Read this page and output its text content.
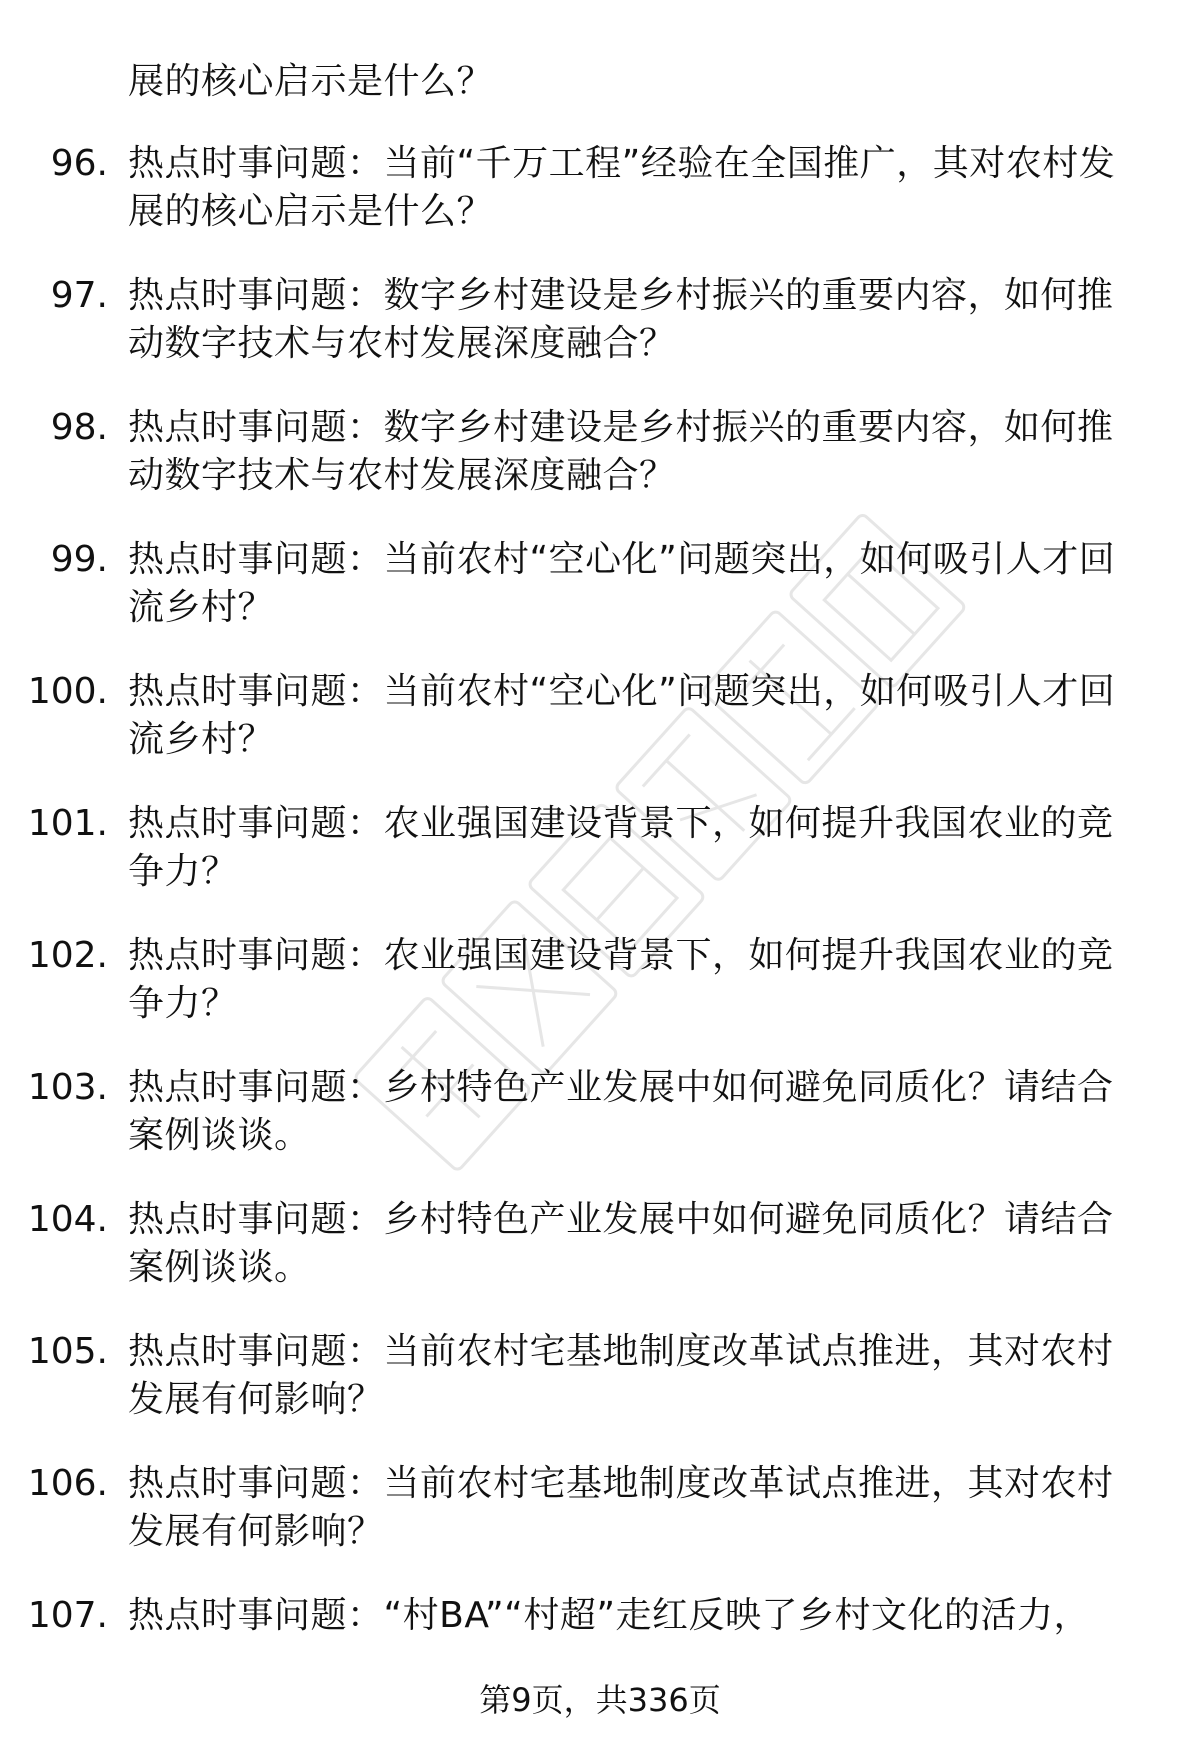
展的核心启示是什么？
96. 热点时事问题：当前“千万工程”经验在全国推广，其对农村发展的核心启示是什么？
97. 热点时事问题：数字乡村建设是乡村振兴的重要内容，如何推动数字技术与农村发展深度融合？
98. 热点时事问题：数字乡村建设是乡村振兴的重要内容，如何推动数字技术与农村发展深度融合？
99. 热点时事问题：当前农村“空心化”问题突出，如何吸引人才回流乡村？
100. 热点时事问题：当前农村“空心化”问题突出，如何吸引人才回流乡村？
101. 热点时事问题：农业强国建设背景下，如何提升我国农业的竞争力？
102. 热点时事问题：农业强国建设背景下，如何提升我国农业的竞争力？
103. 热点时事问题：乡村特色产业发展中如何避免同质化？请结合案例谈谈。
104. 热点时事问题：乡村特色产业发展中如何避免同质化？请结合案例谈谈。
105. 热点时事问题：当前农村宅基地制度改革试点推进，其对农村发展有何影响？
106. 热点时事问题：当前农村宅基地制度改革试点推进，其对农村发展有何影响？
107. 热点时事问题：“村BA”“村超”走红反映了乡村文化的活力，
第9页，共336页
